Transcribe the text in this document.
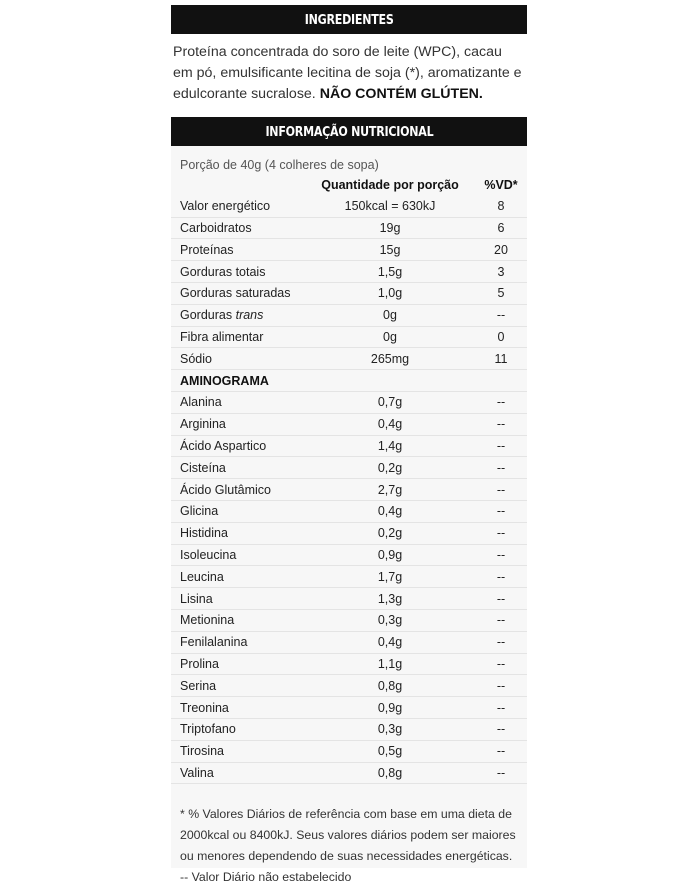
INGREDIENTES
Proteína concentrada do soro de leite (WPC), cacau em pó, emulsificante lecitina de soja (*), aromatizante e edulcorante sucralose. NÃO CONTÉM GLÚTEN.
INFORMAÇÃO NUTRICIONAL
Porção de 40g (4 colheres de sopa)
	Quantidade por porção	%VD*
Valor energético	150kcal = 630kJ	8
Carboidratos	19g	6
Proteínas	15g	20
Gorduras totais	1,5g	3
Gorduras saturadas	1,0g	5
Gorduras trans	0g	--
Fibra alimentar	0g	0
Sódio	265mg	11
AMINOGRAMA		
Alanina	0,7g	--
Arginina	0,4g	--
Ácido Aspartico	1,4g	--
Cisteína	0,2g	--
Ácido Glutâmico	2,7g	--
Glicina	0,4g	--
Histidina	0,2g	--
Isoleucina	0,9g	--
Leucina	1,7g	--
Lisina	1,3g	--
Metionina	0,3g	--
Fenilalanina	0,4g	--
Prolina	1,1g	--
Serina	0,8g	--
Treonina	0,9g	--
Triptofano	0,3g	--
Tirosina	0,5g	--
Valina	0,8g	--
* % Valores Diários de referência com base em uma dieta de 2000kcal ou 8400kJ. Seus valores diários podem ser maiores ou menores dependendo de suas necessidades energéticas.
-- Valor Diário não estabelecido
